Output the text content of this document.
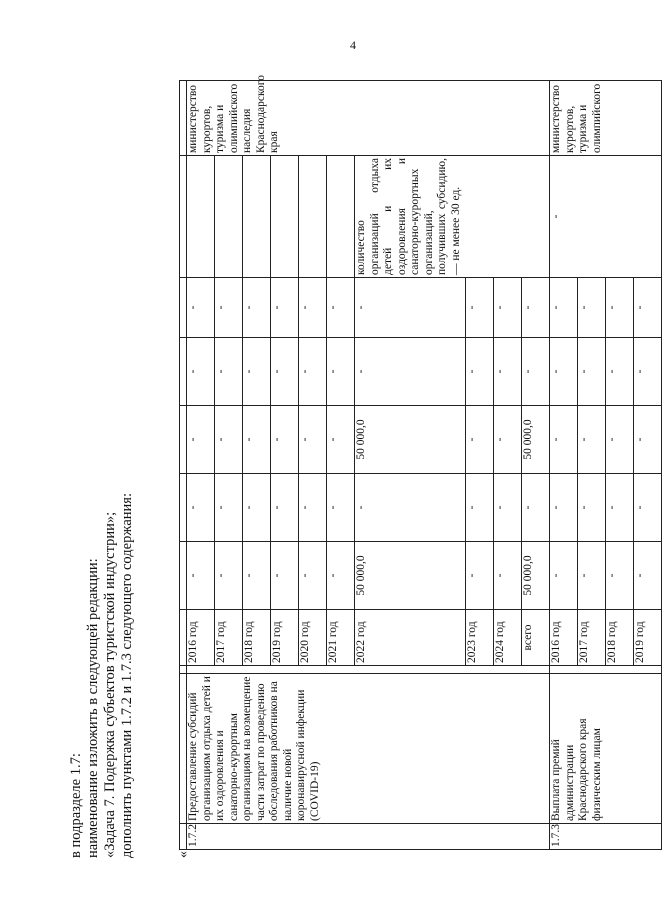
4
в подразделе 1.7: наименование изложить в следующей редакции: «Задача 7. Подержка субъектов туристской индустрии»; дополнить пунктами 1.7.2 и 1.7.3 следующего содержания:	«

1.7.2	Предоставление субсидий организациям отдыха детей и их оздоровления и санаторно-курортным организациям на возмещение части затрат по проведению обследования работников на наличие новой коронавирусной инфекции (COVID-19)		2016 год	-	-	-	-	-		министерство курортов, туризма и олимпийского наследия Краснодарского края
			2017 год	-	-	-	-	-		
			2018 год	-	-	-	-	-		
			2019 год	-	-	-	-	-		
			2020 год	-	-	-	-	-		
			2021 год	-	-	-	-	-		
			2022 год	50 000,0	-	50 000,0	-	-	количество организаций отдыха детей и их оздоровления и санаторно-курортных организаций, получивших субсидию, — не менее 30 ед.	
			2023 год	-	-	-	-	-		
			2024 год	-	-	-	-	-		
			всего	50 000,0	-	50 000,0	-	-		
1.7.3	Выплата премий администрации Краснодарского края физическим лицам		2016 год	-	-	-	-	-	-	министерство курортов, туризма и олимпийского
			2017 год	-	-	-	-	-		
			2018 год	-	-	-	-	-		
			2019 год	-	-	-	-	-		
